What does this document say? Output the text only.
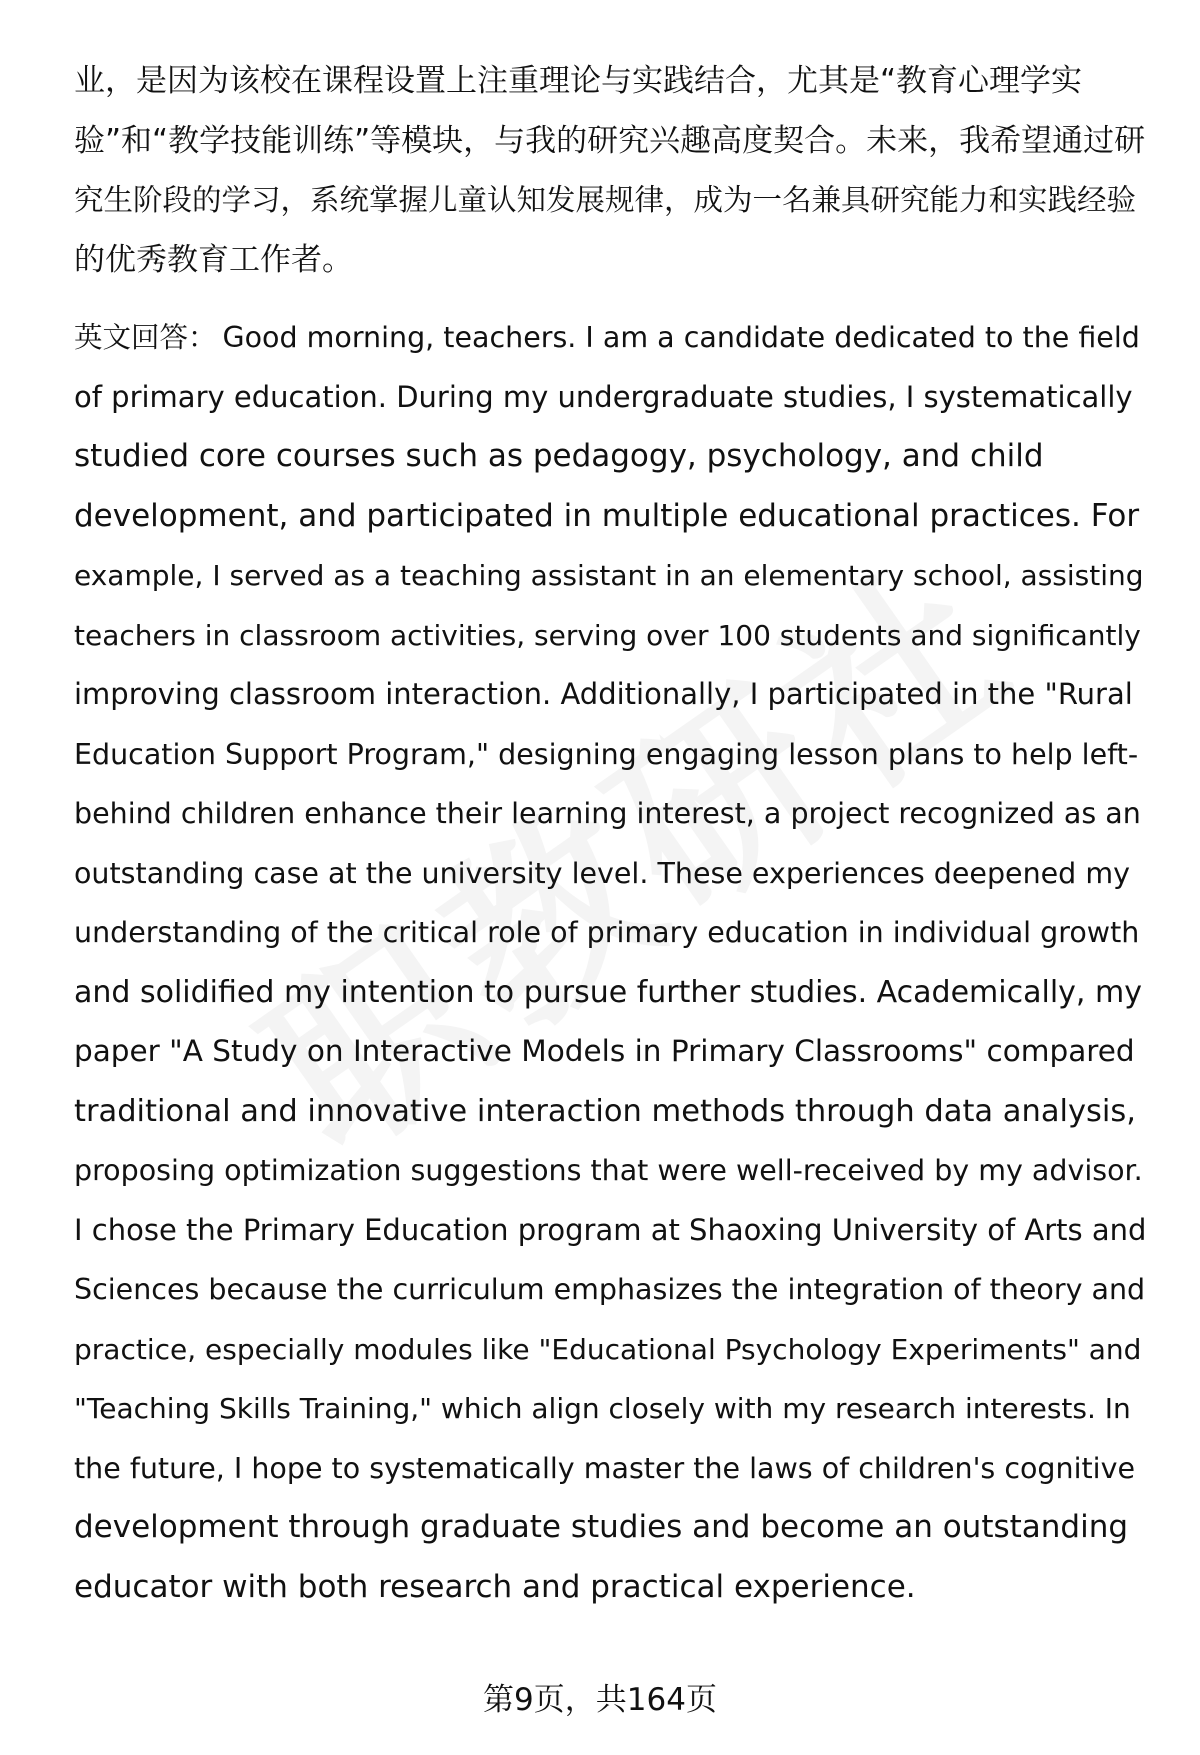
业，是因为该校在课程设置上注重理论与实践结合，尤其是“教育心理学实
验”和“教学技能训练”等模块，与我的研究兴趣高度契合。未来，我希望通过研
究生阶段的学习，系统掌握儿童认知发展规律，成为一名兼具研究能力和实践经验
的优秀教育工作者。

英文回答： Good morning, teachers. I am a candidate dedicated to the field
of primary education. During my undergraduate studies, I systematically
studied core courses such as pedagogy, psychology, and child
development, and participated in multiple educational practices. For
example, I served as a teaching assistant in an elementary school, assisting
teachers in classroom activities, serving over 100 students and significantly
improving classroom interaction. Additionally, I participated in the "Rural
Education Support Program," designing engaging lesson plans to help left-
behind children enhance their learning interest, a project recognized as an
outstanding case at the university level. These experiences deepened my
understanding of the critical role of primary education in individual growth
and solidified my intention to pursue further studies. Academically, my
paper "A Study on Interactive Models in Primary Classrooms" compared
traditional and innovative interaction methods through data analysis,
proposing optimization suggestions that were well-received by my advisor.
I chose the Primary Education program at Shaoxing University of Arts and
Sciences because the curriculum emphasizes the integration of theory and
practice, especially modules like "Educational Psychology Experiments" and
"Teaching Skills Training," which align closely with my research interests. In
the future, I hope to systematically master the laws of children's cognitive
development through graduate studies and become an outstanding
educator with both research and practical experience.

第9页，共164页
